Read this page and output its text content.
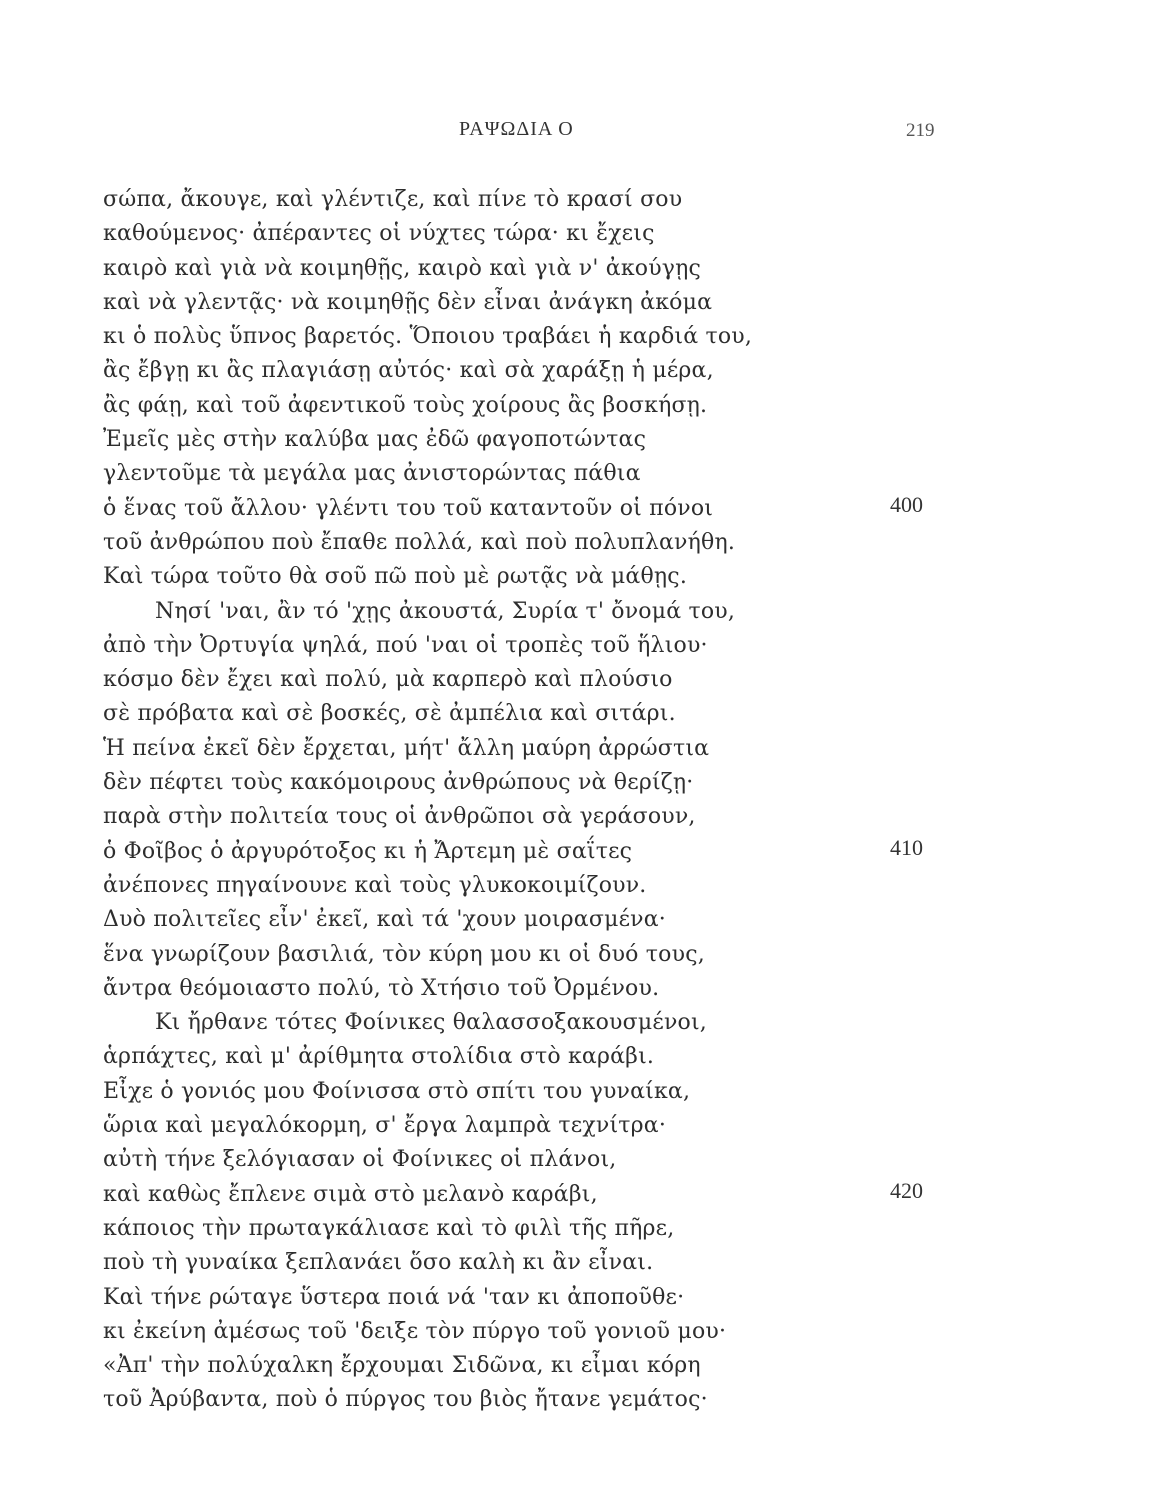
ΡΑΨΩΔΙΑ Ο	219
σώπα, ἄκουγε, καὶ γλέντιζε, καὶ πίνε τὸ κρασί σου
καθούμενος· ἀπέραντες οἱ νύχτες τώρα· κι ἔχεις
καιρὸ καὶ γιὰ νὰ κοιμηθῇς, καιρὸ καὶ γιὰ ν' ἀκούγῃς
καὶ νὰ γλεντᾷς· νὰ κοιμηθῇς δὲν εἶναι ἀνάγκη ἀκόμα
κι ὁ πολὺς ὕπνος βαρετός. Ὅποιου τραβάει ἡ καρδιά του,
ἂς ἔβγῃ κι ἂς πλαγιάσῃ αὐτός· καὶ σὰ χαράξῃ ἡ μέρα,
ἂς φάῃ, καὶ τοῦ ἀφεντικοῦ τοὺς χοίρους ἂς βοσκήσῃ.
Ἐμεῖς μὲς στὴν καλύβα μας ἐδῶ φαγοποτώντας
γλεντοῦμε τὰ μεγάλα μας ἀνιστορώντας πάθια
ὁ ἕνας τοῦ ἄλλου· γλέντι του τοῦ καταντοῦν οἱ πόνοι
τοῦ ἀνθρώπου ποὺ ἔπαθε πολλά, καὶ ποὺ πολυπλανήθη.
Καὶ τώρα τοῦτο θὰ σοῦ πῶ ποὺ μὲ ρωτᾷς νὰ μάθῃς.
Νησί 'ναι, ἂν τό 'χῃς ἀκουστά, Συρία τ' ὄνομά του,
ἀπὸ τὴν Ὀρτυγία ψηλά, πού 'ναι οἱ τροπὲς τοῦ ἥλιου·
κόσμο δὲν ἔχει καὶ πολύ, μὰ καρπερὸ καὶ πλούσιο
σὲ πρόβατα καὶ σὲ βοσκές, σὲ ἀμπέλια καὶ σιτάρι.
Ἡ πείνα ἐκεῖ δὲν ἔρχεται, μήτ' ἄλλη μαύρη ἀρρώστια
δὲν πέφτει τοὺς κακόμοιρους ἀνθρώπους νὰ θερίζῃ·
παρὰ στὴν πολιτεία τους οἱ ἀνθρῶποι σὰ γεράσουν,
ὁ Φοῖβος ὁ ἀργυρότοξος κι ἡ Ἄρτεμη μὲ σαΐτες
ἀνέπονες πηγαίνουνε καὶ τοὺς γλυκοκοιμίζουν.
Δυὸ πολιτεῖες εἶν' ἐκεῖ, καὶ τά 'χουν μοιρασμένα·
ἕνα γνωρίζουν βασιλιά, τὸν κύρη μου κι οἱ δυό τους,
ἄντρα θεόμοιαστο πολύ, τὸ Χτήσιο τοῦ Ὀρμένου.
Κι ἤρθανε τότες Φοίνικες θαλασσοξακουσμένοι,
ἁρπάχτες, καὶ μ' ἀρίθμητα στολίδια στὸ καράβι.
Εἶχε ὁ γονιός μου Φοίνισσα στὸ σπίτι του γυναίκα,
ὥρια καὶ μεγαλόκορμη, σ' ἔργα λαμπρὰ τεχνίτρα·
αὐτὴ τήνε ξελόγιασαν οἱ Φοίνικες οἱ πλάνοι,
καὶ καθὼς ἔπλενε σιμὰ στὸ μελανὸ καράβι,
κάποιος τὴν πρωταγκάλιασε καὶ τὸ φιλὶ τῆς πῆρε,
ποὺ τὴ γυναίκα ξεπλανάει ὅσο καλὴ κι ἂν εἶναι.
Καὶ τήνε ρώταγε ὕστερα ποιά νά 'ταν κι ἀποποῦθε·
κι ἐκείνη ἀμέσως τοῦ 'δειξε τὸν πύργο τοῦ γονιοῦ μου·
«Ἀπ' τὴν πολύχαλκη ἔρχουμαι Σιδῶνα, κι εἶμαι κόρη
τοῦ Ἀρύβαντα, ποὺ ὁ πύργος του βιὸς ἤτανε γεμάτος·
400
410
420
